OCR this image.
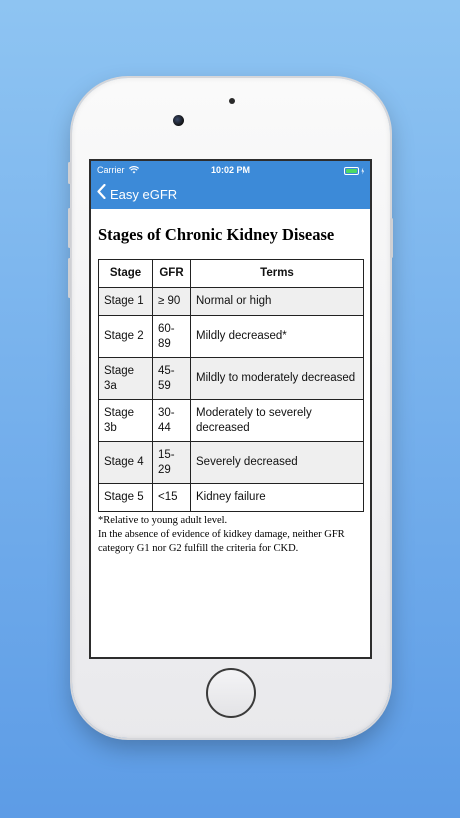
Carrier	10:02 PM
Easy eGFR
Stages of Chronic Kidney Disease
Stage	GFR	Terms
Stage 1	≥ 90	Normal or high
Stage 2	60-89	Mildly decreased*
Stage 3a	45-59	Mildly to moderately decreased
Stage 3b	30-44	Moderately to severely decreased
Stage 4	15-29	Severely decreased
Stage 5	<15	Kidney failure
*Relative to young adult level.
In the absence of evidence of kidkey damage, neither GFR category G1 nor G2 fulfill the criteria for CKD.
